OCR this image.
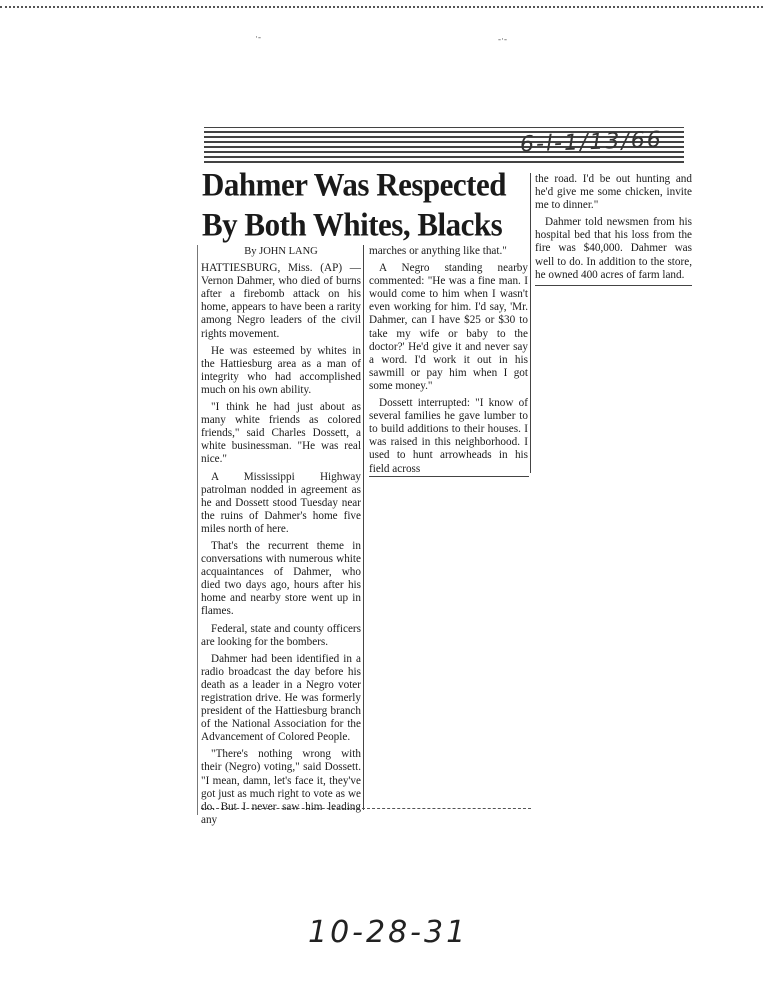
·-	-·-
Dahmer Was Respected
By Both Whites, Blacks

By JOHN LANG

HATTIESBURG, Miss. (AP) — Vernon Dahmer, who died of burns after a firebomb attack on his home, appears to have been a rarity among Negro leaders of the civil rights movement.

He was esteemed by whites in the Hattiesburg area as a man of integrity who had accomplished much on his own ability.

"I think he had just about as many white friends as colored friends," said Charles Dossett, a white businessman. "He was real nice."

A Mississippi Highway patrolman nodded in agreement as he and Dossett stood Tuesday near the ruins of Dahmer's home five miles north of here.

That's the recurrent theme in conversations with numerous white acquaintances of Dahmer, who died two days ago, hours after his home and nearby store went up in flames.

Federal, state and county officers are looking for the bombers.

Dahmer had been identified in a radio broadcast the day before his death as a leader in a Negro voter registration drive. He was formerly president of the Hattiesburg branch of the National Association for the Advancement of Colored People.

"There's nothing wrong with their (Negro) voting," said Dossett. "I mean, damn, let's face it, they've got just as much right to vote as we do. But I never saw him leading any

marches or anything like that."

A Negro standing nearby commented: "He was a fine man. I would come to him when I wasn't even working for him. I'd say, 'Mr. Dahmer, can I have $25 or $30 to take my wife or baby to the doctor?' He'd give it and never say a word. I'd work it out in his sawmill or pay him when I got some money."

Dossett interrupted: "I know of several families he gave lumber to to build additions to their houses. I was raised in this neighborhood. I used to hunt arrowheads in his field across

the road. I'd be out hunting and he'd give me some chicken, invite me to dinner."

Dahmer told newsmen from his hospital bed that his loss from the fire was $40,000. Dahmer was well to do. In addition to the store, he owned 400 acres of farm land.

6-l-1/13/66
10-28-31
